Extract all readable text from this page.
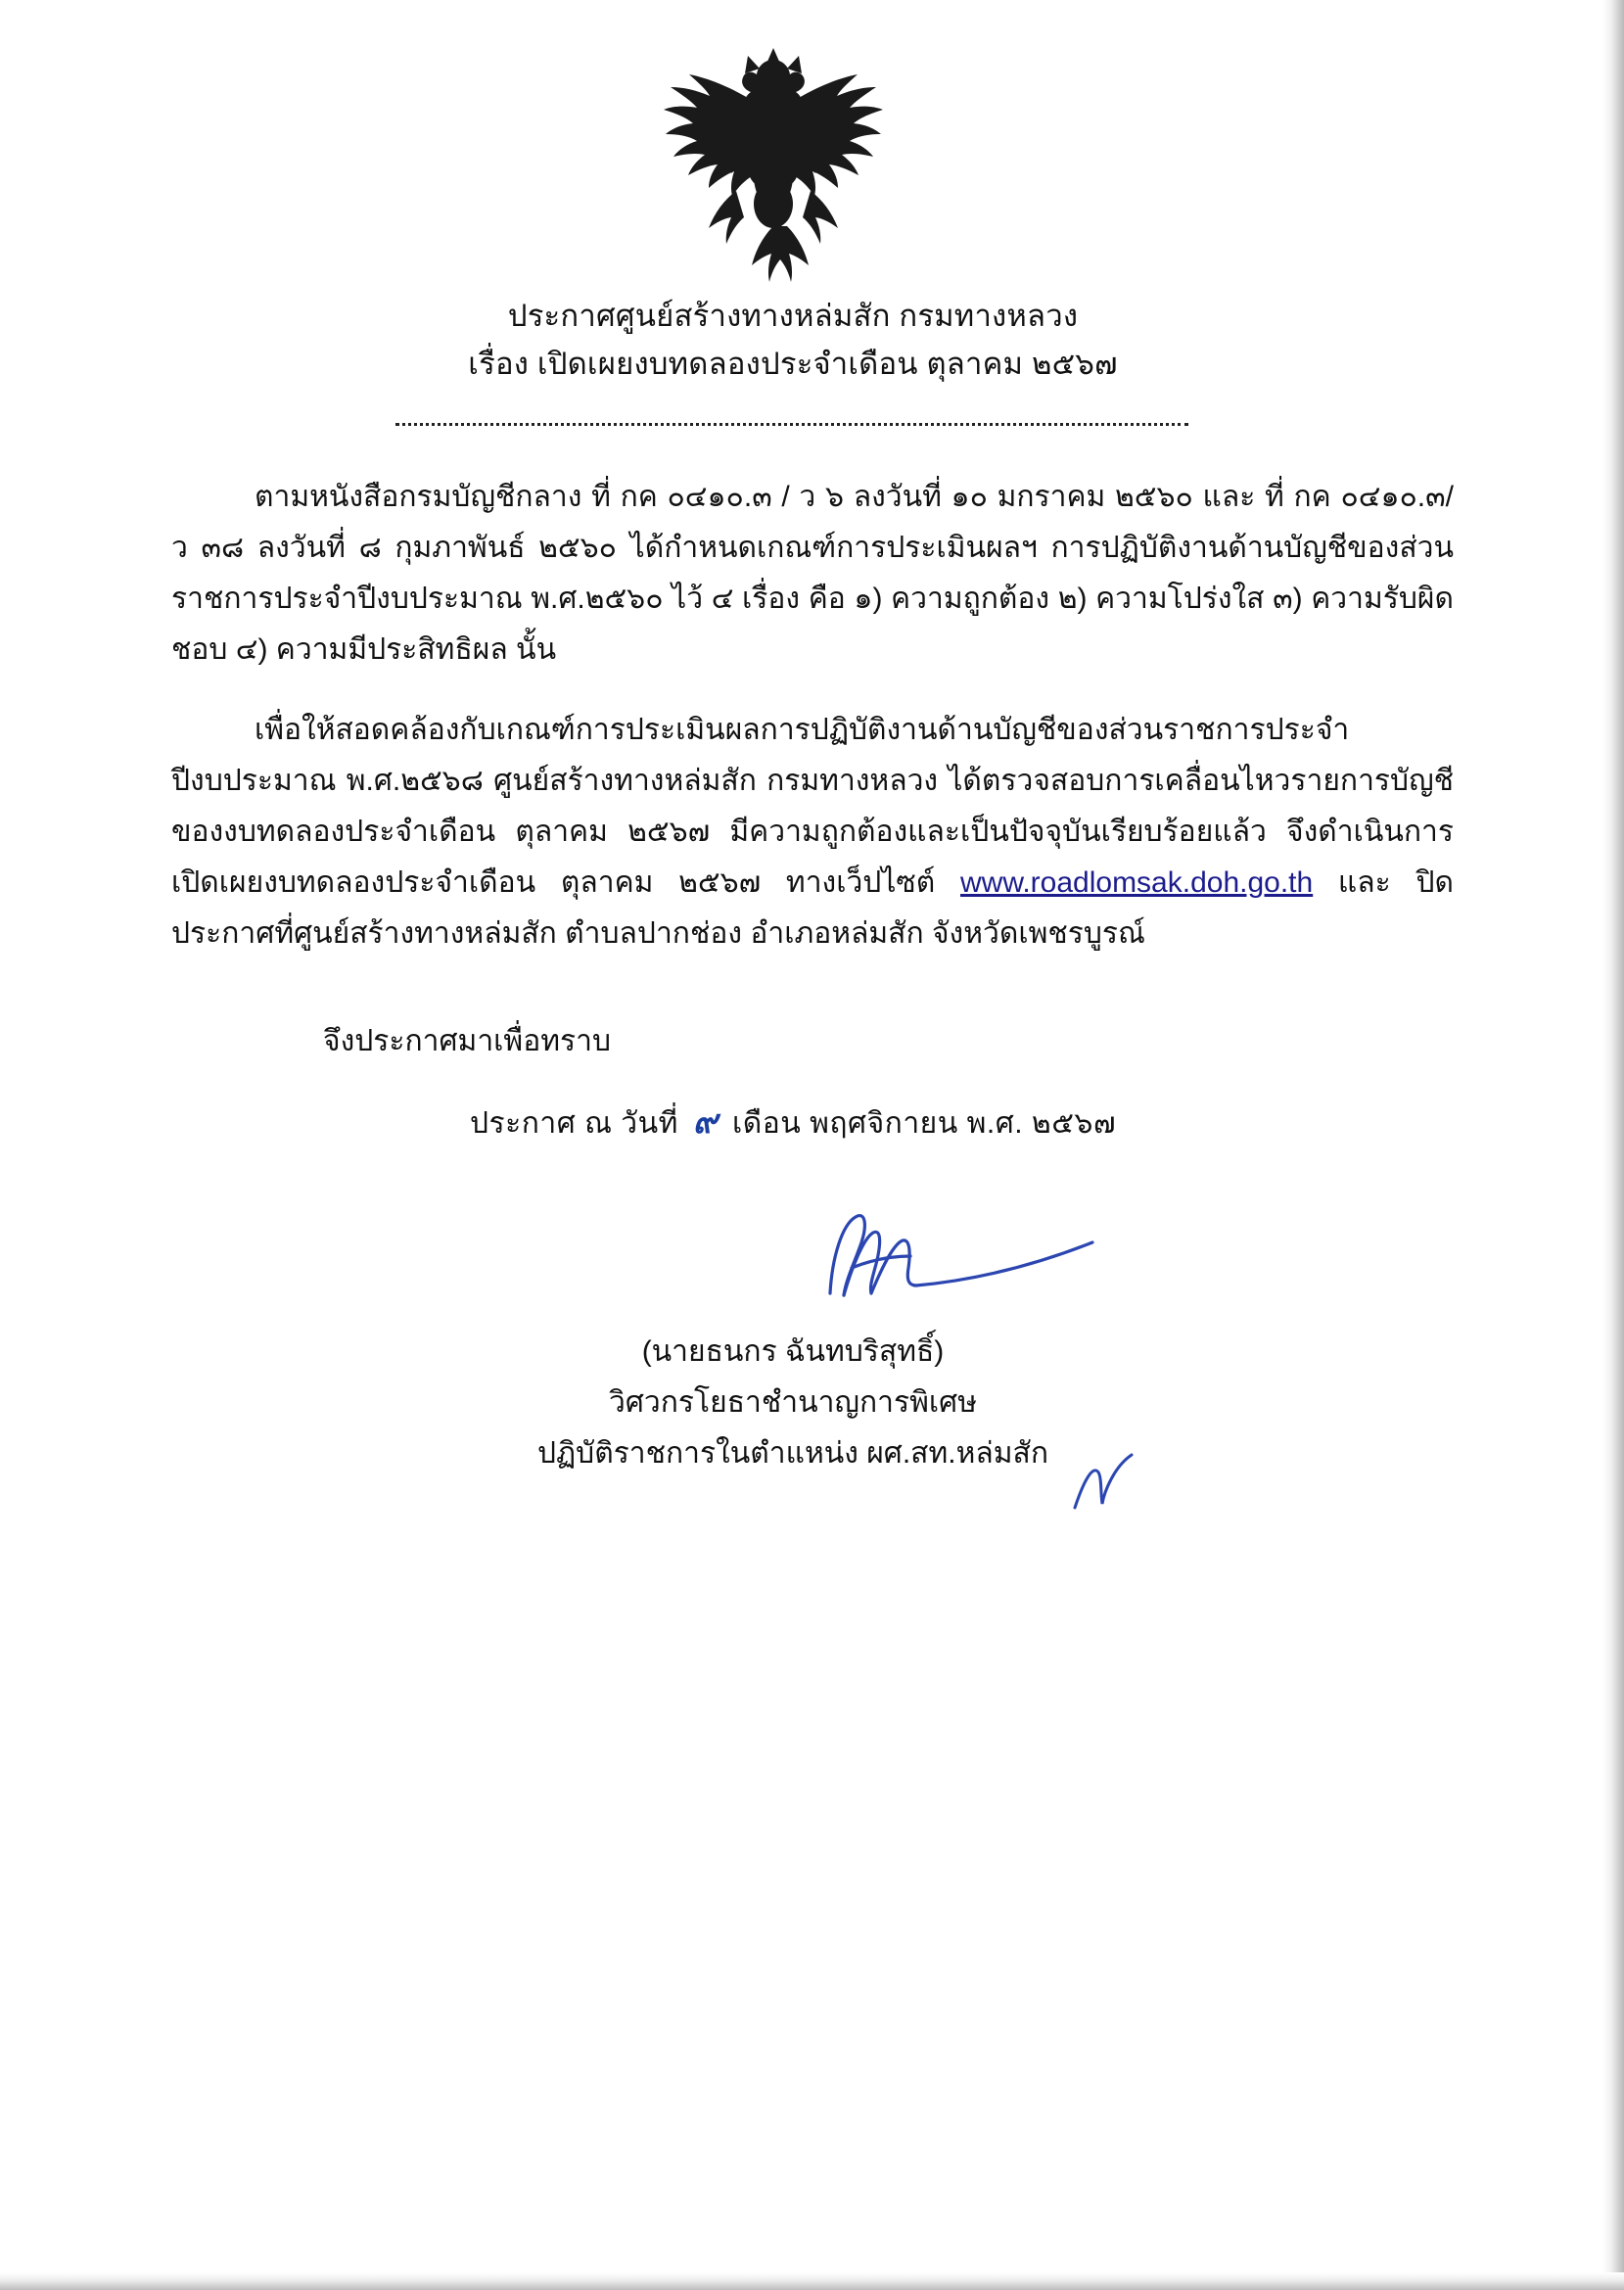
ประกาศศูนย์สร้างทางหล่มสัก กรมทางหลวง
เรื่อง เปิดเผยงบทดลองประจำเดือน ตุลาคม ๒๕๖๗

ตามหนังสือกรมบัญชีกลาง ที่ กค ๐๔๑๐.๓ / ว ๖ ลงวันที่ ๑๐ มกราคม ๒๕๖๐ และ ที่ กค ๐๔๑๐.๓/ ว ๓๘ ลงวันที่ ๘ กุมภาพันธ์ ๒๕๖๐ ได้กำหนดเกณฑ์การประเมินผลฯ การปฏิบัติงานด้านบัญชีของส่วนราชการประจำปีงบประมาณ พ.ศ.๒๕๖๐ ไว้ ๔ เรื่อง คือ ๑) ความถูกต้อง ๒) ความโปร่งใส ๓) ความรับผิดชอบ ๔) ความมีประสิทธิผล นั้น

เพื่อให้สอดคล้องกับเกณฑ์การประเมินผลการปฏิบัติงานด้านบัญชีของส่วนราชการประจำปีงบประมาณ พ.ศ.๒๕๖๘ ศูนย์สร้างทางหล่มสัก กรมทางหลวง ได้ตรวจสอบการเคลื่อนไหวรายการบัญชีของงบทดลองประจำเดือน ตุลาคม ๒๕๖๗ มีความถูกต้องและเป็นปัจจุบันเรียบร้อยแล้ว จึงดำเนินการเปิดเผยงบทดลองประจำเดือน ตุลาคม ๒๕๖๗ ทางเว็ปไซต์ www.roadlomsak.doh.go.th และ ปิดประกาศที่ศูนย์สร้างทางหล่มสัก ตำบลปากช่อง อำเภอหล่มสัก จังหวัดเพชรบูรณ์

จึงประกาศมาเพื่อทราบ
ประกาศ ณ วันที่ ๙ เดือน พฤศจิกายน พ.ศ. ๒๕๖๗
(นายธนกร ฉันทบริสุทธิ์)
วิศวกรโยธาชำนาญการพิเศษ
ปฏิบัติราชการในตำแหน่ง ผศ.สท.หล่มสัก
